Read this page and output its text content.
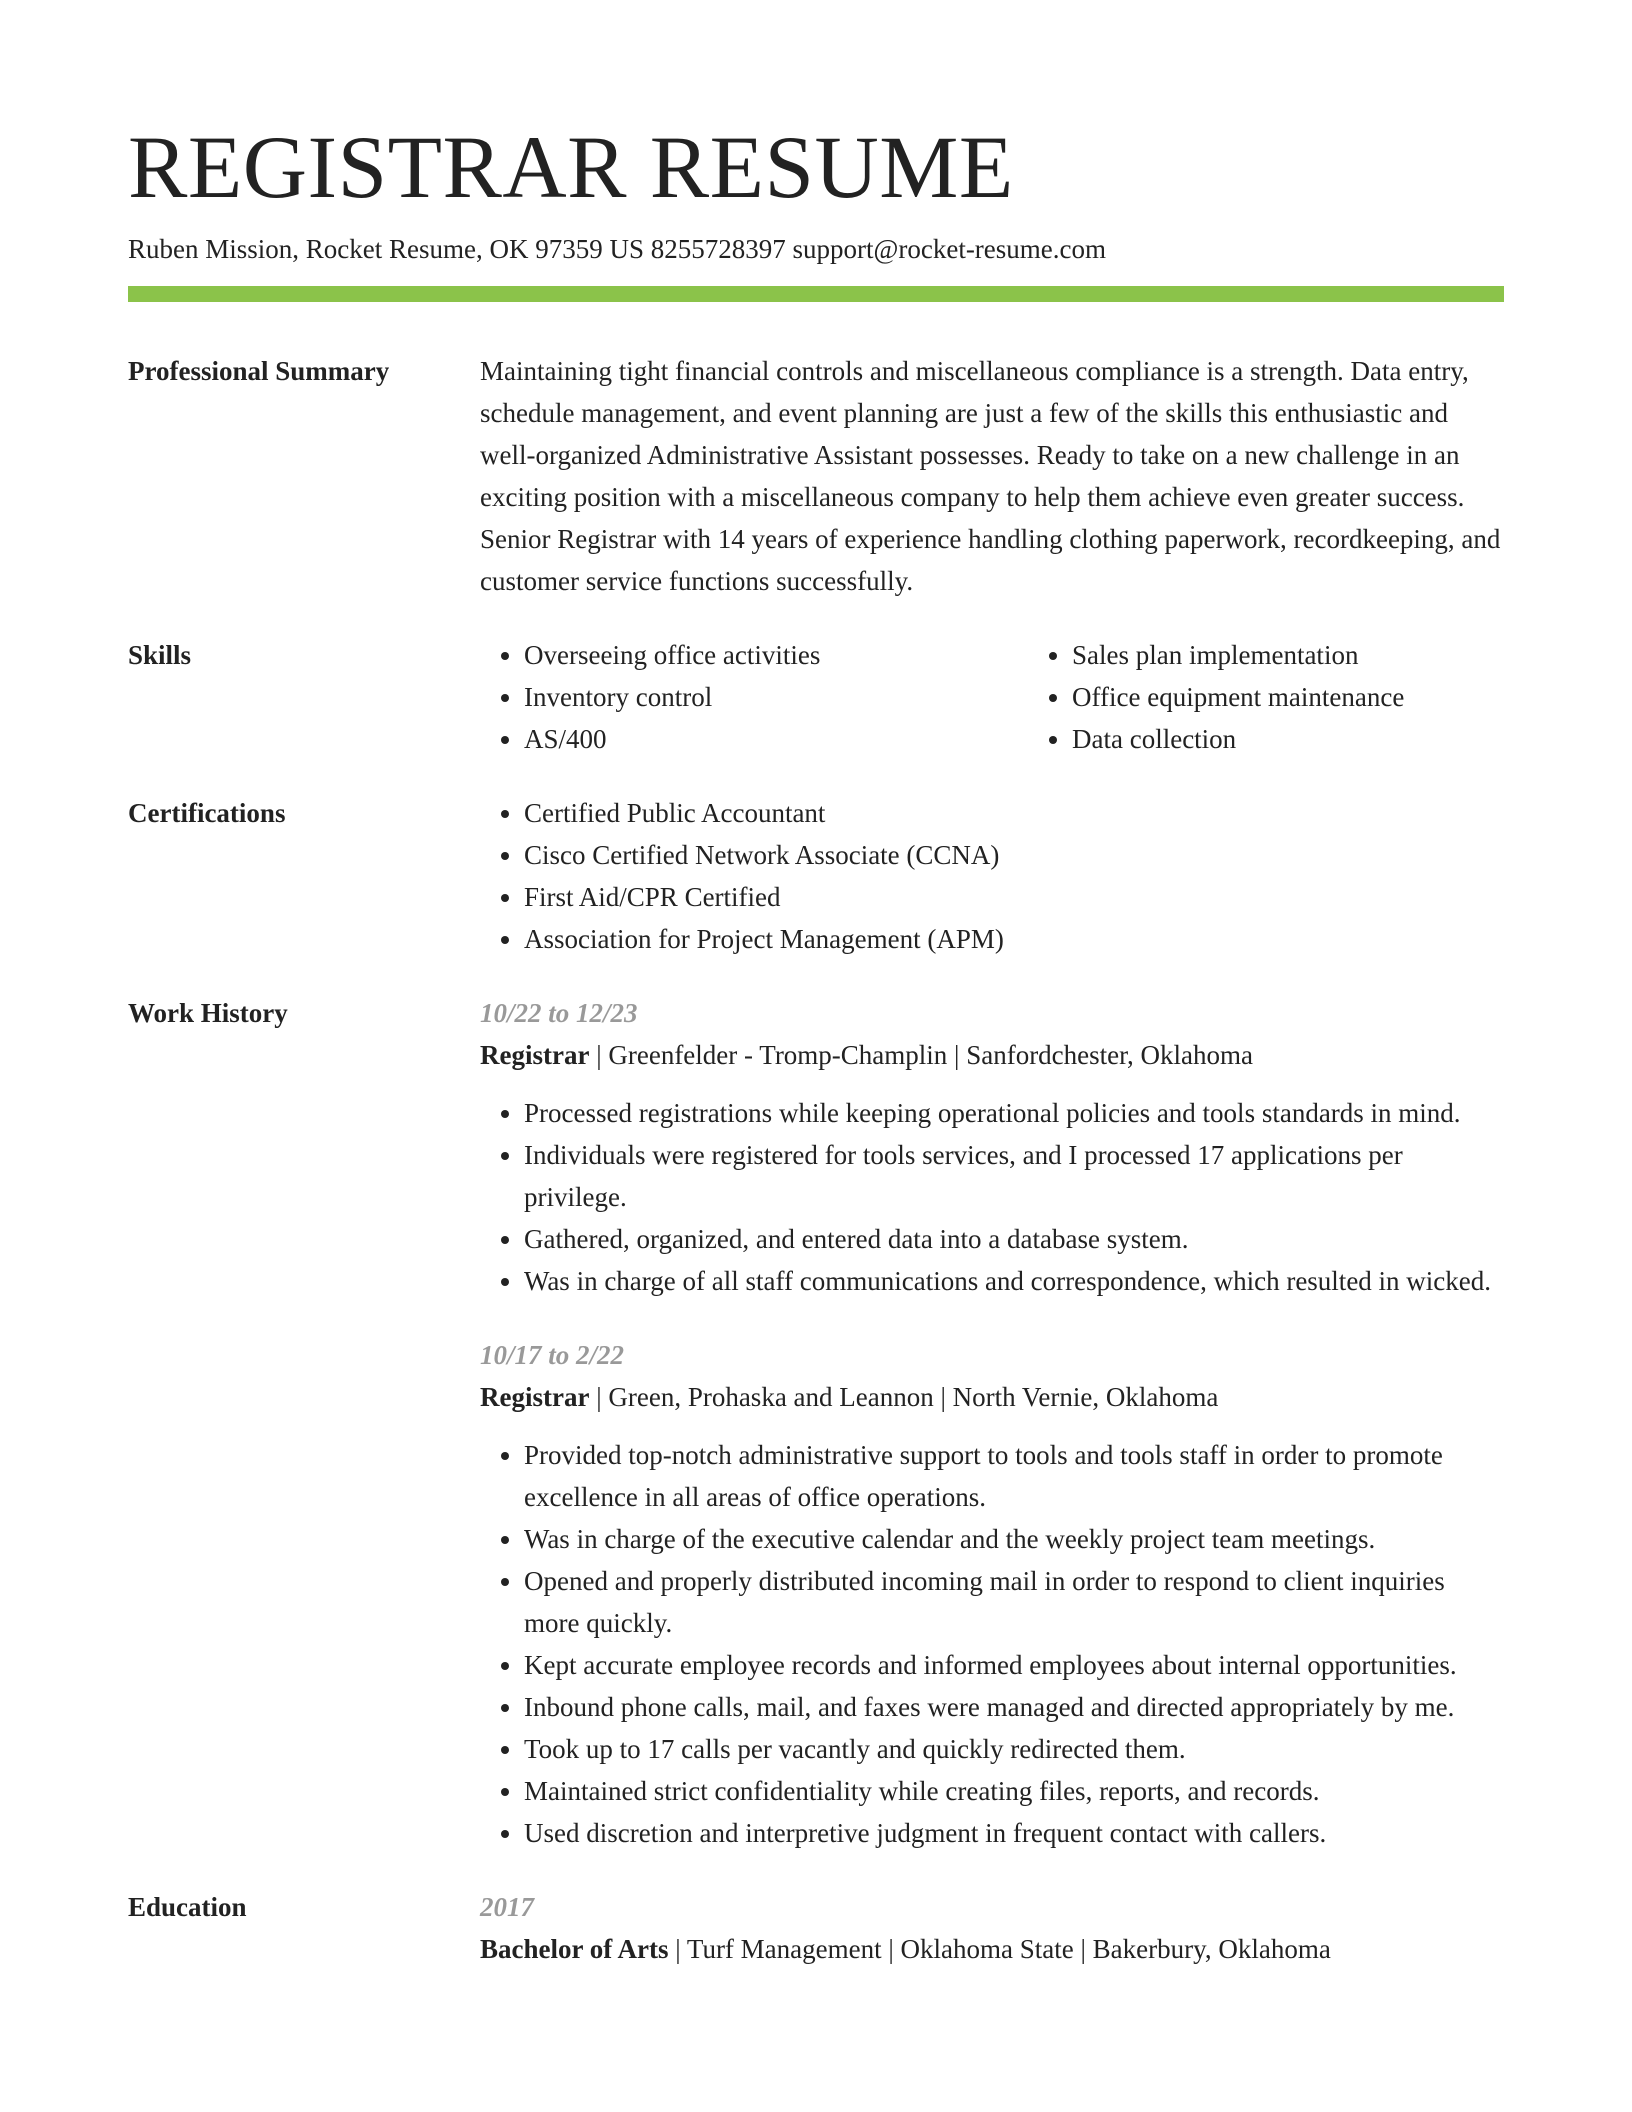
REGISTRAR RESUME
Ruben Mission, Rocket Resume, OK 97359 US 8255728397 support@rocket-resume.com
Professional Summary	Maintaining tight financial controls and miscellaneous compliance is a strength. Data entry, schedule management, and event planning are just a few of the skills this enthusiastic and well-organized Administrative Assistant possesses. Ready to take on a new challenge in an exciting position with a miscellaneous company to help them achieve even greater success. Senior Registrar with 14 years of experience handling clothing paperwork, recordkeeping, and customer service functions successfully.

Skills	• Overseeing office activities
• Inventory control
• AS/400
• Sales plan implementation
• Office equipment maintenance
• Data collection
Certifications	• Certified Public Accountant
• Cisco Certified Network Associate (CCNA)
• First Aid/CPR Certified
• Association for Project Management (APM)
Work History	10/22 to 12/23
Registrar | Greenfelder - Tromp-Champlin | Sanfordchester, Oklahoma
• Processed registrations while keeping operational policies and tools standards in mind.
• Individuals were registered for tools services, and I processed 17 applications per privilege.
• Gathered, organized, and entered data into a database system.
• Was in charge of all staff communications and correspondence, which resulted in wicked.
10/17 to 2/22
Registrar | Green, Prohaska and Leannon | North Vernie, Oklahoma
• Provided top-notch administrative support to tools and tools staff in order to promote excellence in all areas of office operations.
• Was in charge of the executive calendar and the weekly project team meetings.
• Opened and properly distributed incoming mail in order to respond to client inquiries more quickly.
• Kept accurate employee records and informed employees about internal opportunities.
• Inbound phone calls, mail, and faxes were managed and directed appropriately by me.
• Took up to 17 calls per vacantly and quickly redirected them.
• Maintained strict confidentiality while creating files, reports, and records.
• Used discretion and interpretive judgment in frequent contact with callers.
Education	2017
Bachelor of Arts | Turf Management | Oklahoma State | Bakerbury, Oklahoma
